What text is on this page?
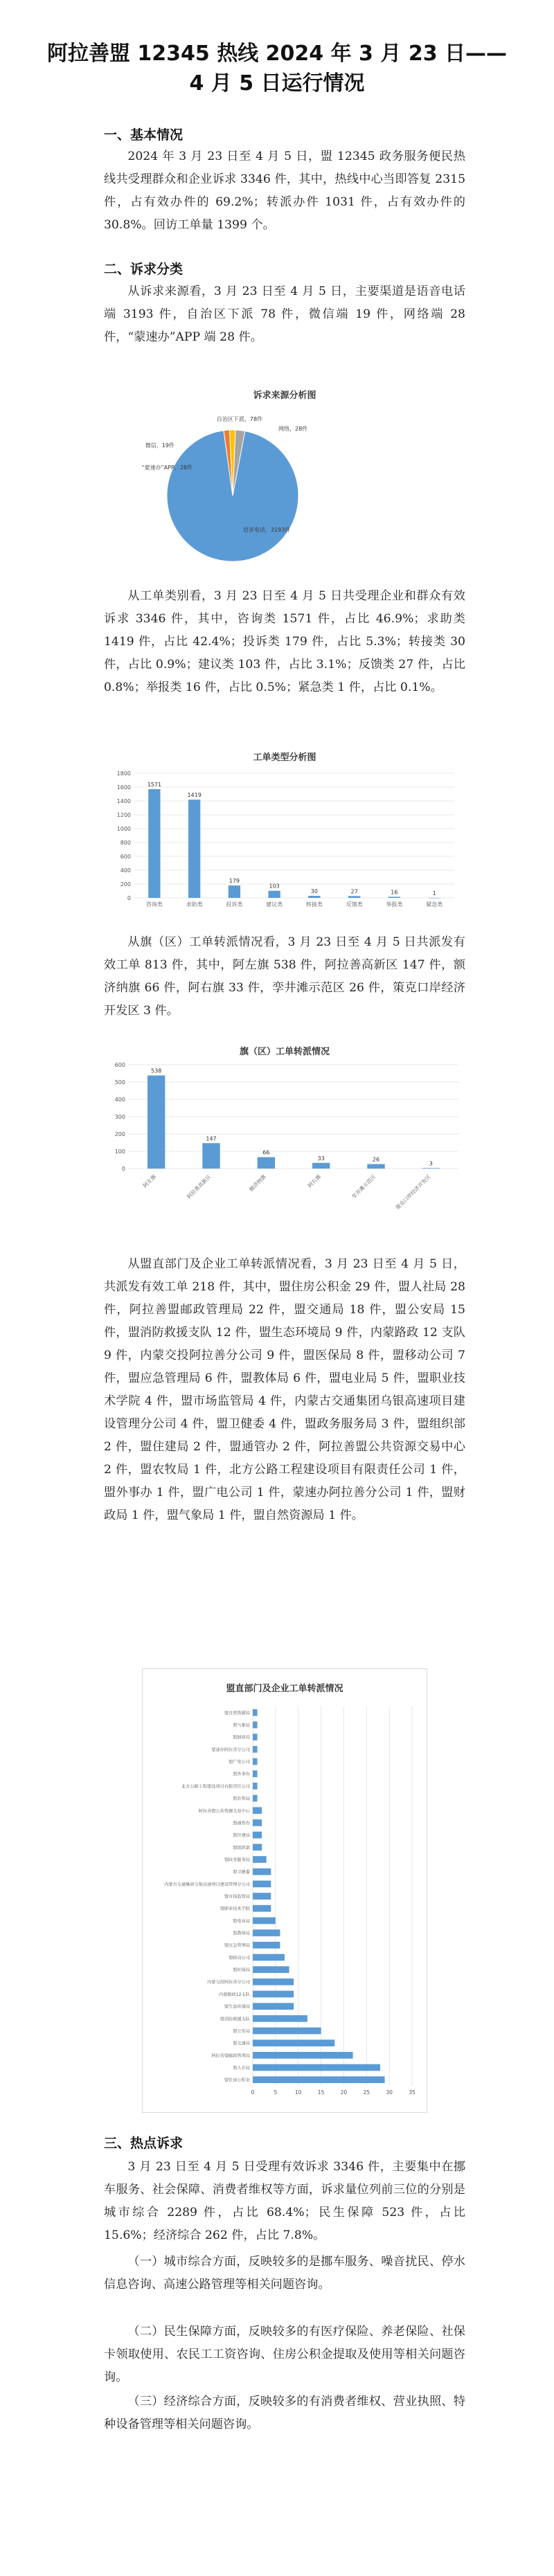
阿拉善盟 12345 热线 2024 年 3 月 23 日——
4 月 5 日运行情况
一、基本情况
2024 年 3 月 23 日至 4 月 5 日，盟 12345 政务服务便民热线共受理群众和企业诉求 3346 件，其中，热线中心当即答复 2315 件，占有效办件的 69.2%；转派办件 1031 件，占有效办件的 30.8%。回访工单量 1399 个。
二、诉求分类
从诉求来源看，3 月 23 日至 4 月 5 日，主要渠道是语音电话端 3193 件，自治区下派 78 件，微信端 19 件，网络端 28 件，“蒙速办”APP 端 28 件。
诉求来源分析图
网络，28件
语音电话，3193件
“蒙速办”APP，28件
微信，19件
自治区下派，78件
从工单类别看，3 月 23 日至 4 月 5 日共受理企业和群众有效诉求 3346 件，其中，咨询类 1571 件，占比 46.9%；求助类 1419 件，占比 42.4%；投诉类 179 件，占比 5.3%；转接类 30 件，占比 0.9%；建议类 103 件，占比 3.1%；反馈类 27 件，占比 0.8%；举报类 16 件，占比 0.5%；紧急类 1 件，占比 0.1%。
工单类型分析图
0
200
400
600
800
1000
1200
1400
1600
1800
1571
咨询类
1419
求助类
179
投诉类
103
建议类
30
转接类
27
反馈类
16
举报类
1
紧急类
从旗（区）工单转派情况看，3 月 23 日至 4 月 5 日共派发有效工单 813 件，其中，阿左旗 538 件，阿拉善高新区 147 件，额济纳旗 66 件，阿右旗 33 件，孪井滩示范区 26 件，策克口岸经济开发区 3 件。
旗（区）工单转派情况
0
100
200
300
400
500
600
538
阿左旗
147
阿拉善高新区
66
额济纳旗
33
阿右旗
26
孪井滩示范区
3
策克口岸经济开发区
从盟直部门及企业工单转派情况看，3 月 23 日至 4 月 5 日，共派发有效工单 218 件，其中，盟住房公积金 29 件，盟人社局 28 件，阿拉善盟邮政管理局 22 件，盟交通局 18 件，盟公安局 15 件，盟消防救援支队 12 件，盟生态环境局 9 件，内蒙路政 12 支队 9 件，内蒙交投阿拉善分公司 9 件，盟医保局 8 件，盟移动公司 7 件，盟应急管理局 6 件，盟教体局 6 件，盟电业局 5 件，盟职业技术学院 4 件，盟市场监管局 4 件，内蒙古交通集团乌银高速项目建设管理分公司 4 件，盟卫健委 4 件，盟政务服务局 3 件，盟组织部 2 件，盟住建局 2 件，盟通管办 2 件，阿拉善盟公共资源交易中心 2 件，盟农牧局 1 件，北方公路工程建设项目有限责任公司 1 件，盟外事办 1 件，盟广电公司 1 件，蒙速办阿拉善分公司 1 件，盟财政局 1 件，盟气象局 1 件，盟自然资源局 1 件。
盟直部门及企业工单转派情况
0	5	10	15	20	25	30	35
盟自然资源局
盟气象局
盟财政局
蒙速办阿拉善分公司
盟广电公司
盟外事办
北方公路工程建设项目有限责任公司
盟农牧局
阿拉善盟公共资源交易中心
盟通管办
盟住建局
盟组织部
盟政务服务局
盟卫健委
内蒙古交通集团乌银高速项目建设管理分公司
盟市场监管局
盟职业技术学院
盟电业局
盟教体局
盟应急管理局
盟移动公司
盟医保局
内蒙交投阿拉善分公司
内蒙路政12支队
盟生态环境局
盟消防救援支队
盟公安局
盟交通局
阿拉善盟邮政管理局
盟人社局
盟住房公积金
三、热点诉求
3 月 23 日至 4 月 5 日受理有效诉求 3346 件，主要集中在挪车服务、社会保障、消费者维权等方面，诉求量位列前三位的分别是城市综合 2289 件，占比 68.4%；民生保障 523 件，占比 15.6%；经济综合 262 件，占比 7.8%。
（一）城市综合方面，反映较多的是挪车服务、噪音扰民、停水信息咨询、高速公路管理等相关问题咨询。
（二）民生保障方面，反映较多的有医疗保险、养老保险、社保卡领取使用、农民工工资咨询、住房公积金提取及使用等相关问题咨询。
（三）经济综合方面，反映较多的有消费者维权、营业执照、特种设备管理等相关问题咨询。
